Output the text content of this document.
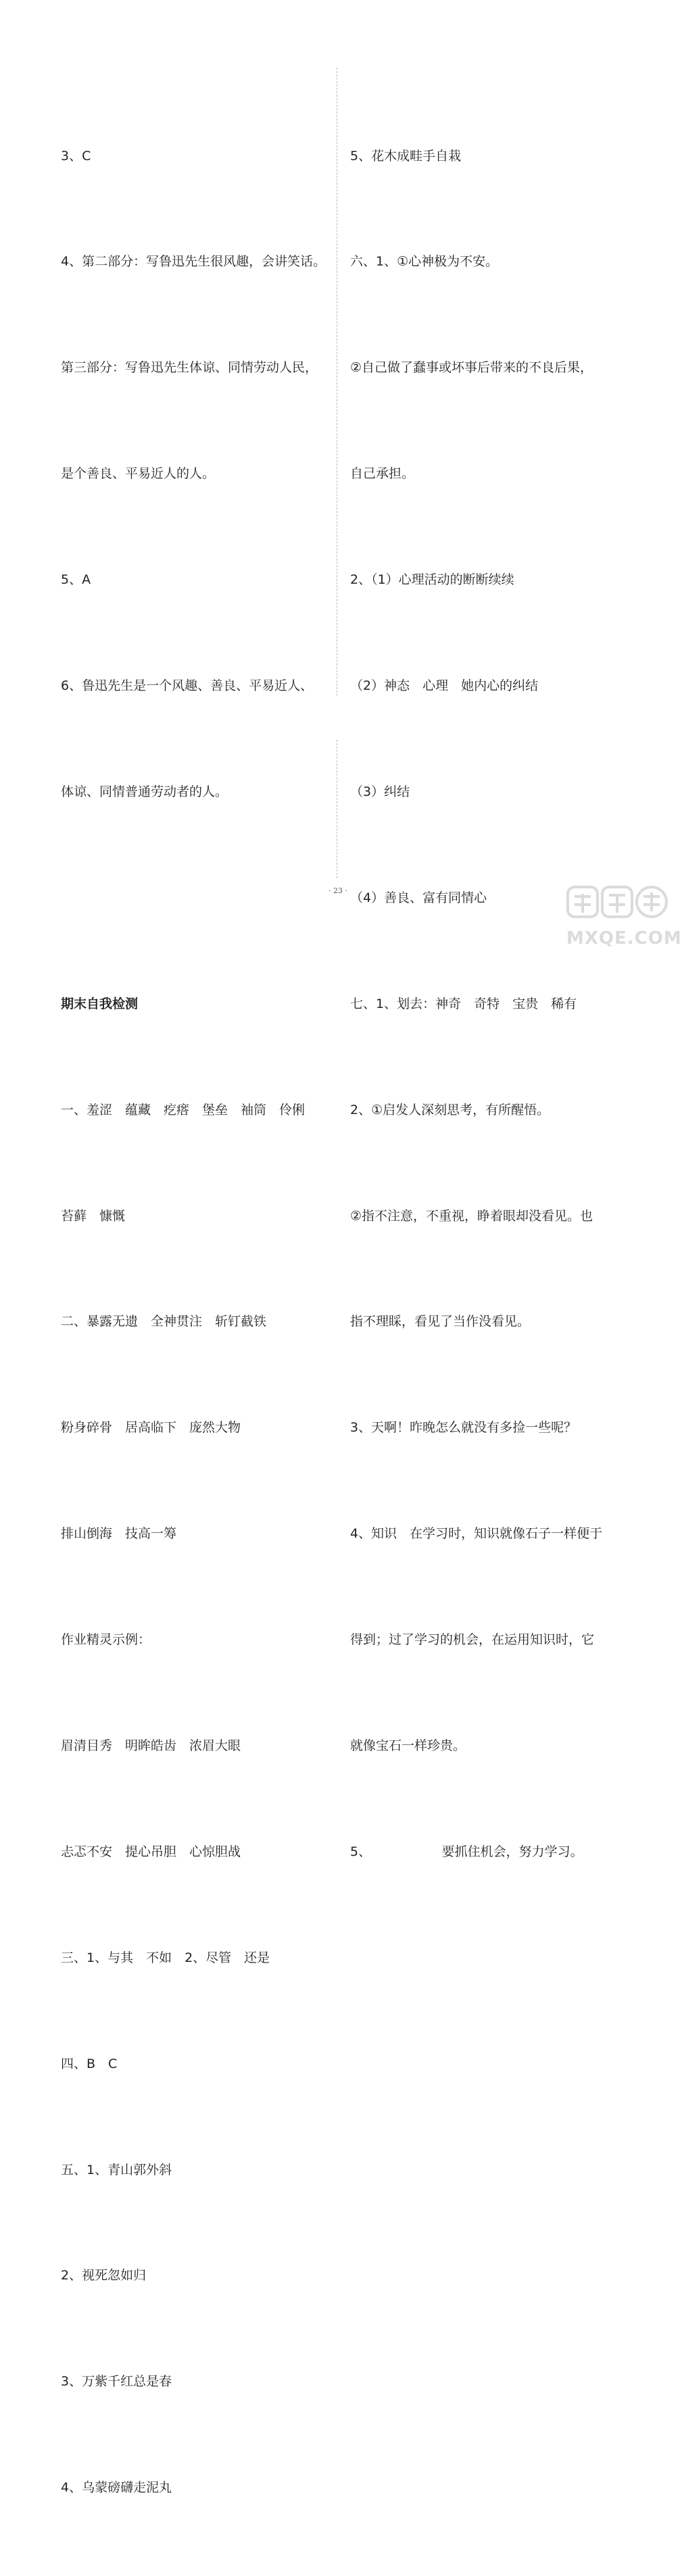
3、C

4、第二部分：写鲁迅先生很风趣，会讲笑话。

第三部分：写鲁迅先生体谅、同情劳动人民，

是个善良、平易近人的人。

5、A

6、鲁迅先生是一个风趣、善良、平易近人、

体谅、同情普通劳动者的人。

期末自我检测

一、羞涩　蕴藏　疙瘩　堡垒　袖筒　伶俐

苔藓　慷慨

二、暴露无遗　全神贯注　斩钉截铁

粉身碎骨　居高临下　庞然大物

排山倒海　技高一筹

作业精灵示例：

眉清目秀　明眸皓齿　浓眉大眼

忐忑不安　提心吊胆　心惊胆战

三、1、与其　不如　2、尽管　还是

四、B　C

五、1、青山郭外斜

2、视死忽如归

3、万紫千红总是春

4、乌蒙磅礴走泥丸

5、花木成畦手自栽

六、1、①心神极为不安。

②自己做了蠢事或坏事后带来的不良后果，

自己承担。

2、（1）心理活动的断断续续

（2）神态　心理　她内心的纠结

（3）纠结

（4）善良、富有同情心

七、1、划去：神奇　奇特　宝贵　稀有

2、①启发人深刻思考，有所醒悟。

②指不注意，不重视，睁着眼却没看见。也

指不理睬，看见了当作没看见。

3、天啊！昨晚怎么就没有多捡一些呢？

4、知识　在学习时，知识就像石子一样便于

得到；过了学习的机会，在运用知识时，它

就像宝石一样珍贵。

5、　　　　　　要抓住机会，努力学习。

· 23 ·
MXQE.COM
